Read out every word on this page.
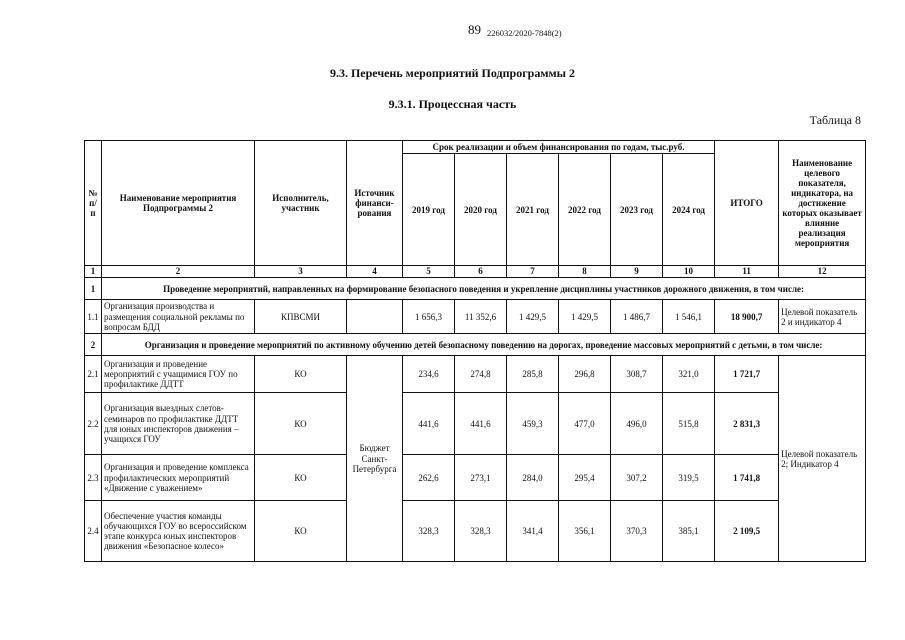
89 226032/2020-7848(2)
9.3. Перечень мероприятий Подпрограммы 2
9.3.1. Процессная часть
Таблица 8
№
п/п	Наименование мероприятия Подпрограммы 2	Исполнитель, участник	Источник финанси-рования	Срок реализации и объем финансирования по годам, тыс.руб.						ИТОГО	Наименование целевого показателя, индикатора, на достижение которых оказывает влияние реализация мероприятия
				2019 год	2020 год	2021 год	2022 год	2023 год	2024 год		
1	2	3	4	5	6	7	8	9	10	11	12
1	Проведение мероприятий, направленных на формирование безопасного поведения и укрепление дисциплины участников дорожного движения, в том числе:										
1.1	Организация производства и размещения социальной рекламы по вопросам БДД	КПВСМИ		1 656,3	11 352,6	1 429,5	1 429,5	1 486,7	1 546,1	18 900,7	Целевой показатель 2 и индикатор 4
2	Организация и проведение мероприятий по активному обучению детей безопасному поведению на дорогах, проведение массовых мероприятий с детьми, в том числе:										
2.1	Организация и проведение мероприятий с учащимися ГОУ по профилактике ДДТТ	КО	Бюджет Санкт-Петербурга	234,6	274,8	285,8	296,8	308,7	321,0	1 721,7	Целевой показатель 2; Индикатор 4
2.2	Организация выездных слетов-семинаров по профилактике ДДТТ для юных инспекторов движения – учащихся ГОУ	КО		441,6	441,6	459,3	477,0	496,0	515,8	2 831,3	
2.3	Организация и проведение комплекса профилактических мероприятий «Движение с уважением»	КО		262,6	273,1	284,0	295,4	307,2	319,5	1 741,8	
2.4	Обеспечение участия команды обучающихся ГОУ во всероссийском этапе конкурса юных инспекторов движения «Безопасное колесо»	КО		328,3	328,3	341,4	356,1	370,3	385,1	2 109,5	
